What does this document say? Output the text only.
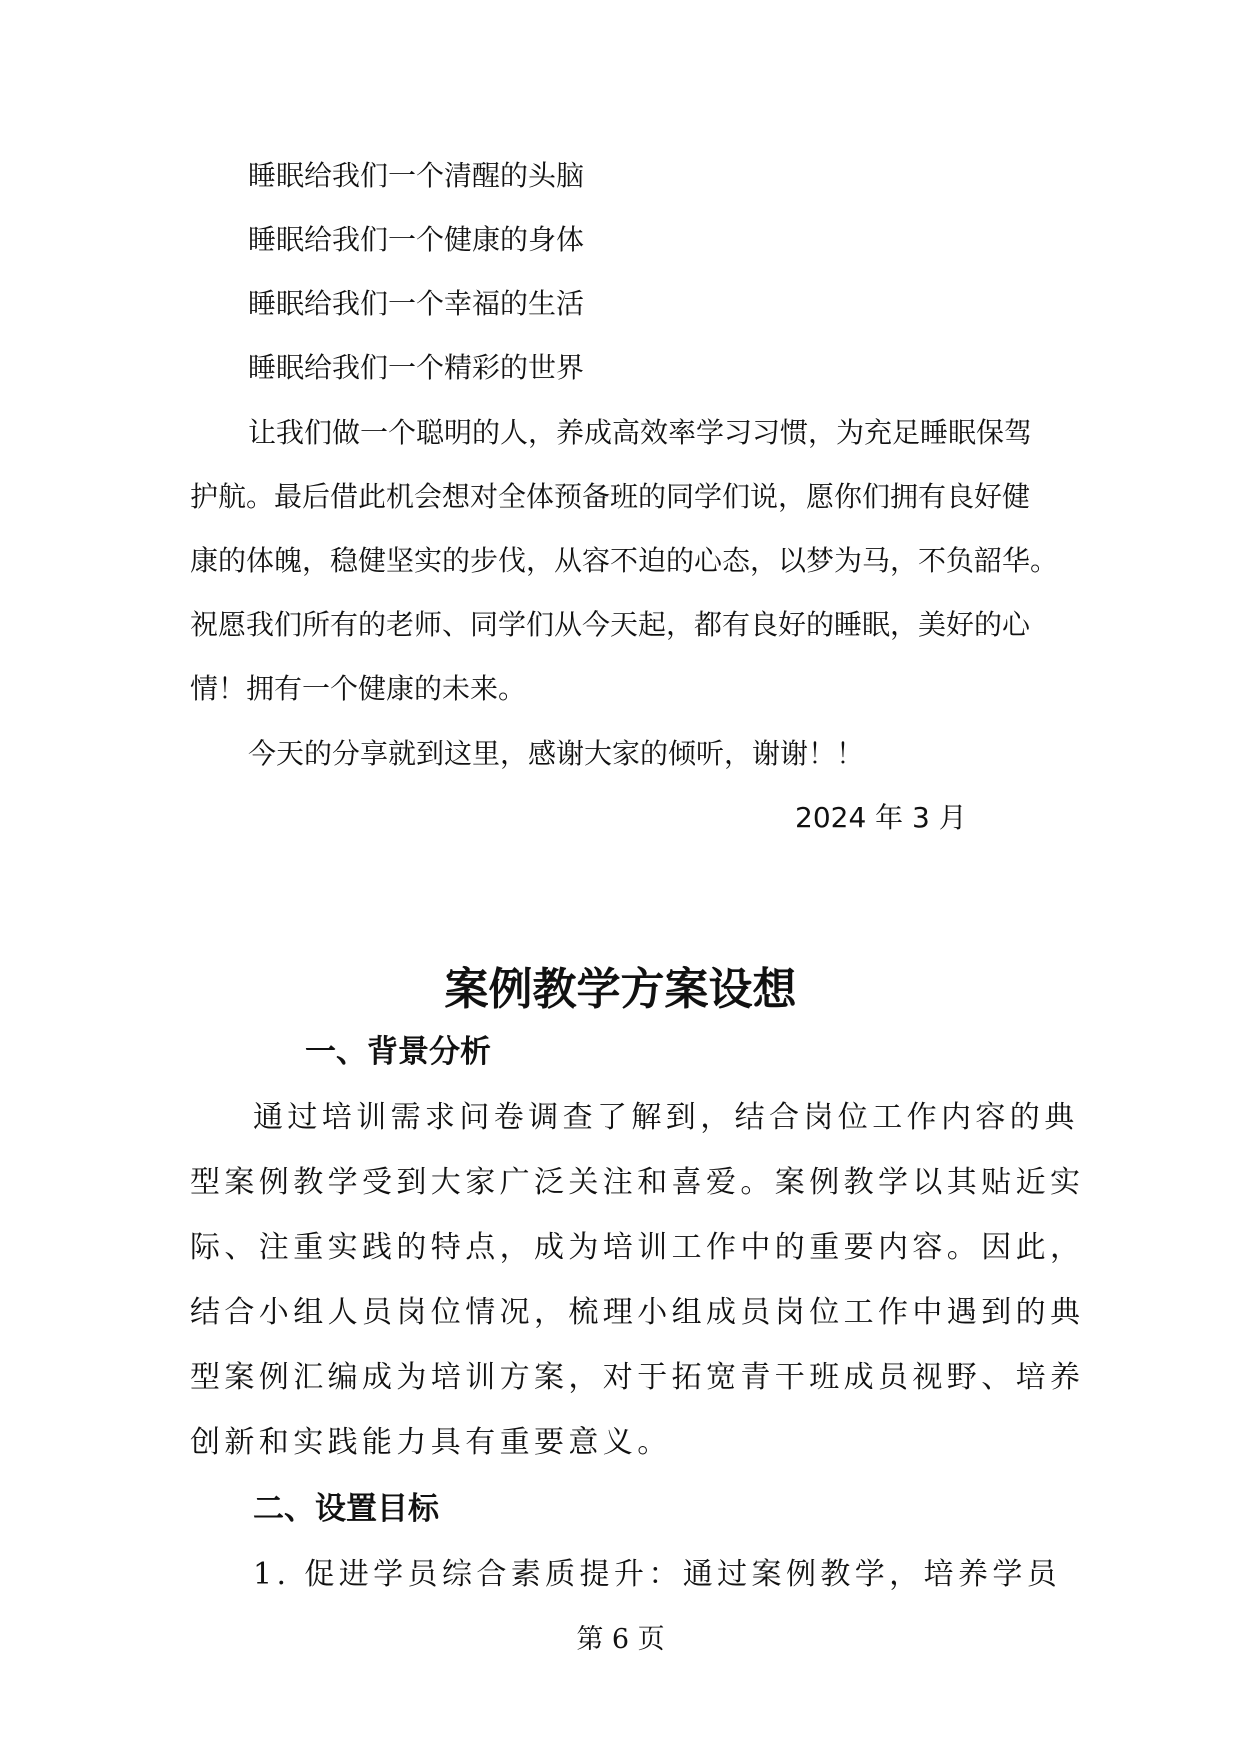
睡眠给我们一个清醒的头脑
睡眠给我们一个健康的身体
睡眠给我们一个幸福的生活
睡眠给我们一个精彩的世界
让我们做一个聪明的人，养成高效率学习习惯，为充足睡眠保驾
护航。最后借此机会想对全体预备班的同学们说，愿你们拥有良好健
康的体魄，稳健坚实的步伐，从容不迫的心态，以梦为马，不负韶华。
祝愿我们所有的老师、同学们从今天起，都有良好的睡眠，美好的心
情！拥有一个健康的未来。
今天的分享就到这里，感谢大家的倾听，谢谢！！
2024 年 3 月
案例教学方案设想
一、背景分析
通过培训需求问卷调查了解到，结合岗位工作内容的典
型案例教学受到大家广泛关注和喜爱。案例教学以其贴近实
际、注重实践的特点，成为培训工作中的重要内容。因此，
结合小组人员岗位情况，梳理小组成员岗位工作中遇到的典
型案例汇编成为培训方案，对于拓宽青干班成员视野、培养
创新和实践能力具有重要意义。
二、设置目标
1. 促进学员综合素质提升：通过案例教学，培养学员
第 6 页
